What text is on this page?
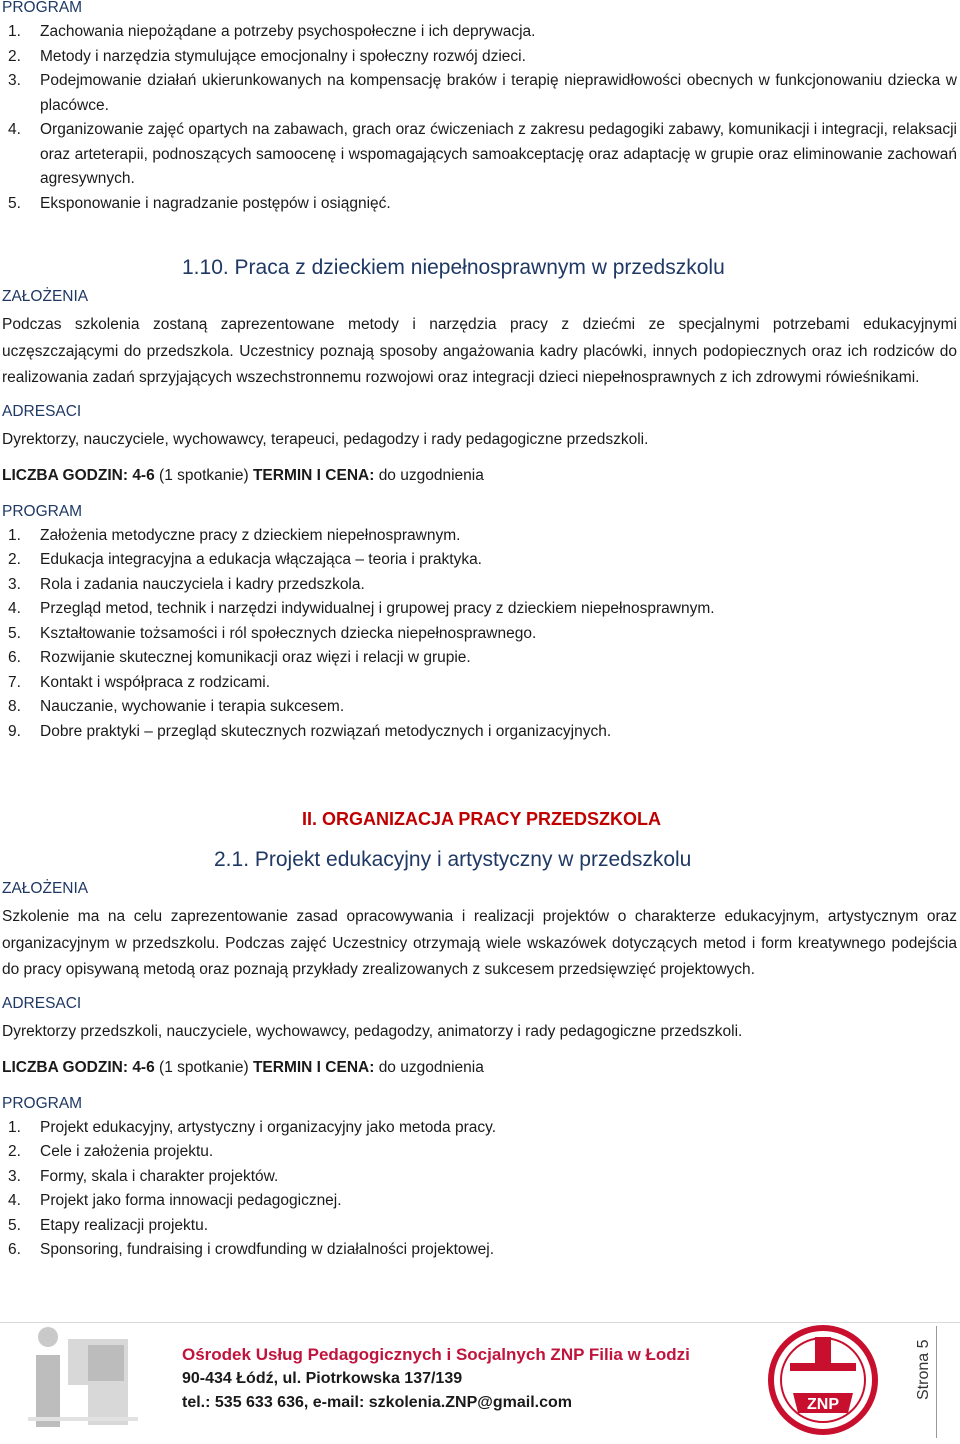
PROGRAM
1. Zachowania niepożądane a potrzeby psychospołeczne i ich deprywacja.
2. Metody i narzędzia stymulujące emocjonalny i społeczny rozwój dzieci.
3. Podejmowanie działań ukierunkowanych na kompensację braków i terapię nieprawidłowości obecnych w funkcjonowaniu dziecka w placówce.
4. Organizowanie zajęć opartych na zabawach, grach oraz ćwiczeniach z zakresu pedagogiki zabawy, komunikacji i integracji, relaksacji oraz arteterapii, podnoszących samoocenę i wspomagających samoakceptację oraz adaptację w grupie oraz eliminowanie zachowań agresywnych.
5. Eksponowanie i nagradzanie postępów i osiągnięć.
1.10. Praca z dzieckiem niepełnosprawnym w przedszkolu
ZAŁOŻENIA

Podczas szkolenia zostaną zaprezentowane metody i narzędzia pracy z dziećmi ze specjalnymi potrzebami edukacyjnymi uczęszczającymi do przedszkola. Uczestnicy poznają sposoby angażowania kadry placówki, innych podopiecznych oraz ich rodziców do realizowania zadań sprzyjających wszechstronnemu rozwojowi oraz integracji dzieci niepełnosprawnych z ich zdrowymi rówieśnikami.

ADRESACI
Dyrektorzy, nauczyciele, wychowawcy, terapeuci, pedagodzy i rady pedagogiczne przedszkoli.
LICZBA GODZIN: 4-6 (1 spotkanie) TERMIN I CENA: do uzgodnienia
PROGRAM
1. Założenia metodyczne pracy z dzieckiem niepełnosprawnym.
2. Edukacja integracyjna a edukacja włączająca – teoria i praktyka.
3. Rola i zadania nauczyciela i kadry przedszkola.
4. Przegląd metod, technik i narzędzi indywidualnej i grupowej pracy z dzieckiem niepełnosprawnym.
5. Kształtowanie tożsamości i ról społecznych dziecka niepełnosprawnego.
6. Rozwijanie skutecznej komunikacji oraz więzi i relacji w grupie.
7. Kontakt i współpraca z rodzicami.
8. Nauczanie, wychowanie i terapia sukcesem.
9. Dobre praktyki – przegląd skutecznych rozwiązań metodycznych i organizacyjnych.
II. ORGANIZACJA PRACY PRZEDSZKOLA
2.1. Projekt edukacyjny i artystyczny w przedszkolu
ZAŁOŻENIA

Szkolenie ma na celu zaprezentowanie zasad opracowywania i realizacji projektów o charakterze edukacyjnym, artystycznym oraz organizacyjnym w przedszkolu. Podczas zajęć Uczestnicy otrzymają wiele wskazówek dotyczących metod i form kreatywnego podejścia do pracy opisywaną metodą oraz poznają przykłady zrealizowanych z sukcesem przedsięwzięć projektowych.

ADRESACI
Dyrektorzy przedszkoli, nauczyciele, wychowawcy, pedagodzy, animatorzy i rady pedagogiczne przedszkoli.
LICZBA GODZIN: 4-6 (1 spotkanie) TERMIN I CENA: do uzgodnienia
PROGRAM
1. Projekt edukacyjny, artystyczny i organizacyjny jako metoda pracy.
2. Cele i założenia projektu.
3. Formy, skala i charakter projektów.
4. Projekt jako forma innowacji pedagogicznej.
5. Etapy realizacji projektu.
6. Sponsoring, fundraising i crowdfunding w działalności projektowej.
Ośrodek Usług Pedagogicznych i Socjalnych ZNP Filia w Łodzi
90-434 Łódź, ul. Piotrkowska 137/139
tel.: 535 633 636, e-mail: szkolenia.ZNP@gmail.com	ZNP
Strona 5
